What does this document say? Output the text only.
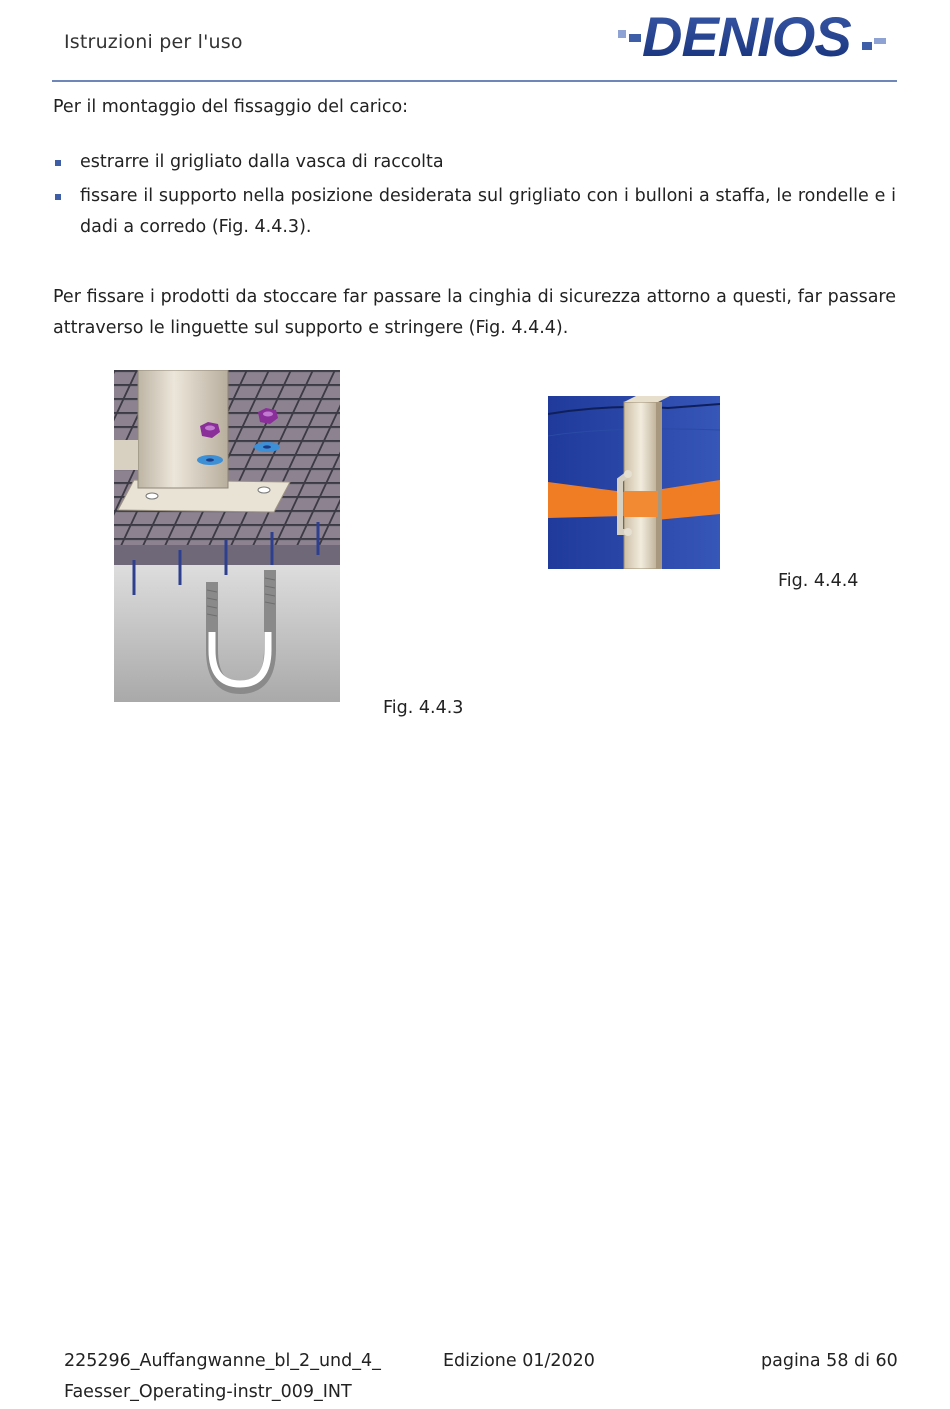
Istruzioni per l'uso	DENIOS
Per il montaggio del fissaggio del carico:
estrarre il grigliato dalla vasca di raccolta
fissare il supporto nella posizione desiderata sul grigliato con i bulloni a staffa, le rondelle e i dadi a corredo (Fig. 4.4.3).
Per fissare i prodotti da stoccare far passare la cinghia di sicurezza attorno a questi, far passare attraverso le linguette sul supporto e stringere (Fig. 4.4.4).
Fig. 4.4.3
Fig. 4.4.4
225296_Auffangwanne_bl_2_und_4_
Faesser_Operating-instr_009_INT
Edizione 01/2020	pagina 58 di 60
